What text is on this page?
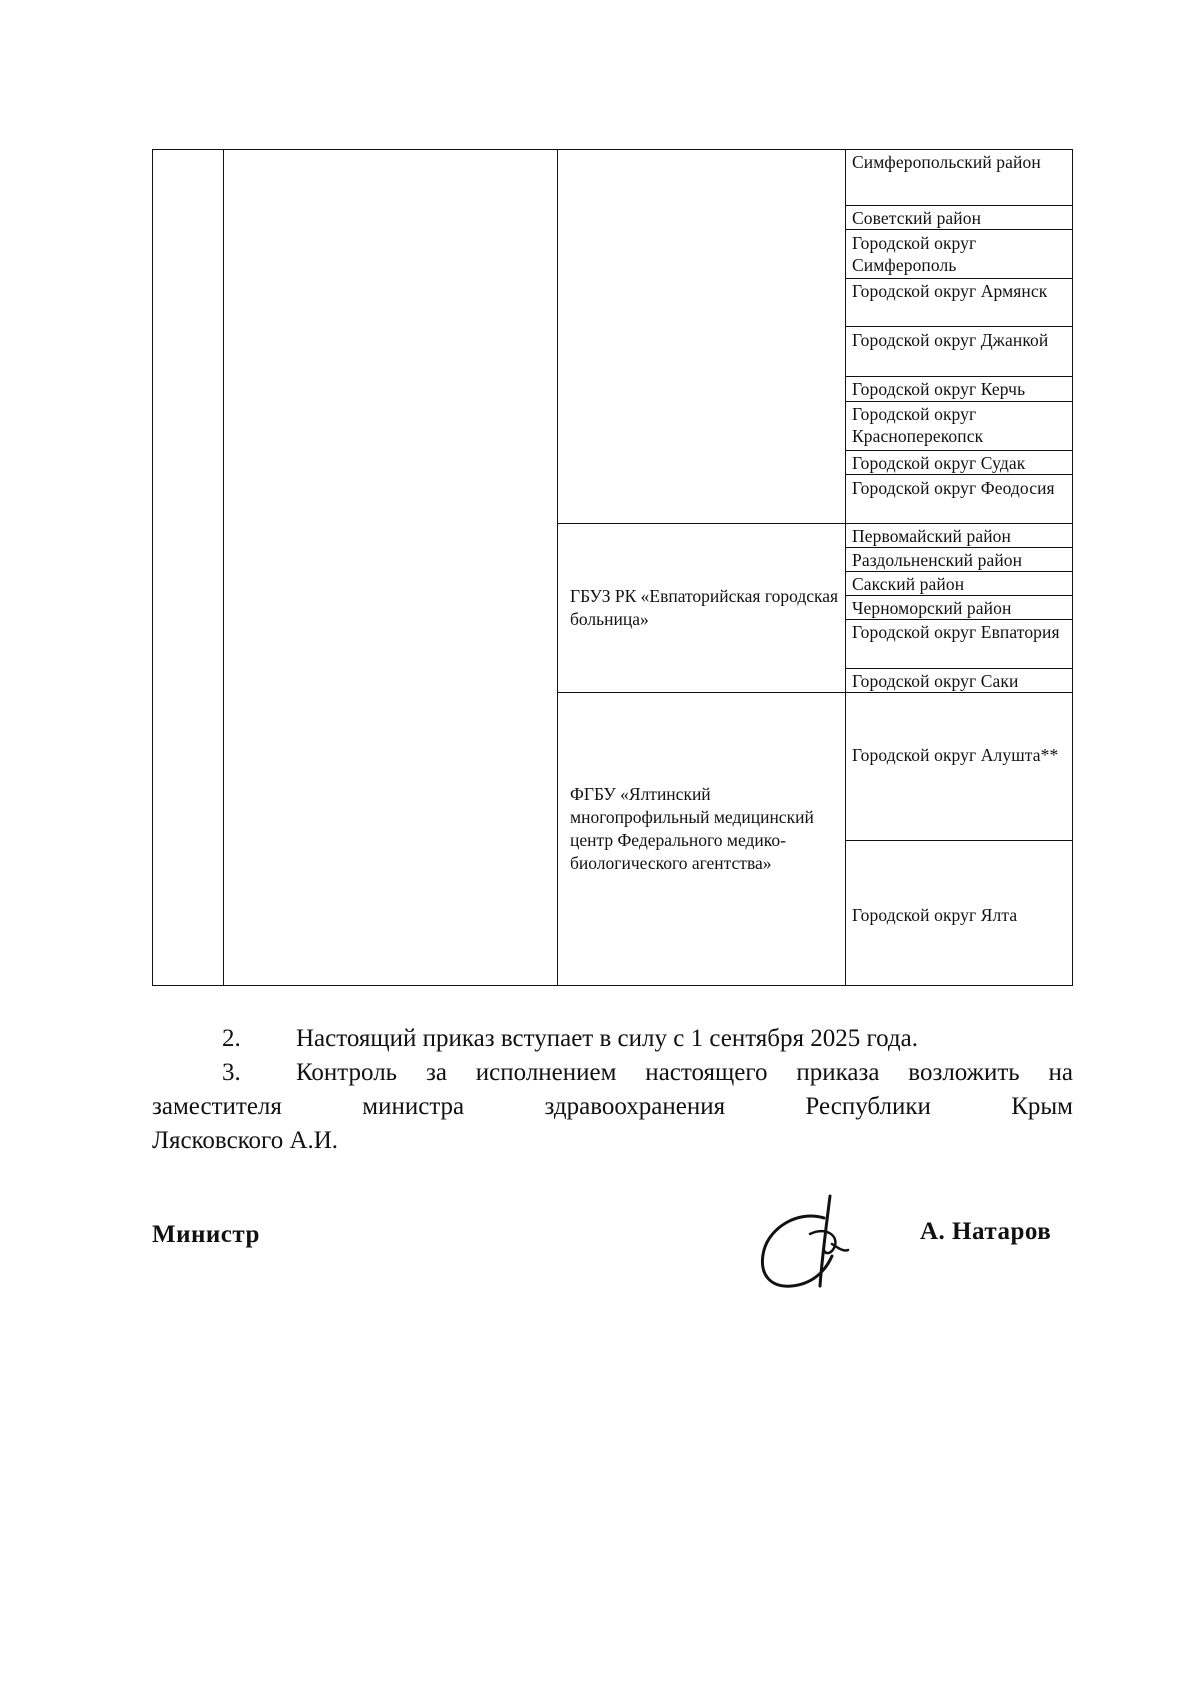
Симферопольский район
Советский район
Городской округ Симферополь
Городской округ Армянск
Городской округ Джанкой
Городской округ Керчь
Городской округ Красноперекопск
Городской округ Судак
Городской округ Феодосия
Первомайский район
Раздольненский район
Сакский район
Черноморский район
Городской округ Евпатория
Городской округ Саки
Городской округ Алушта**
Городской округ Ялта
ГБУЗ РК «Евпаторийская городская больница»
ФГБУ «Ялтинский многопрофильный медицинский центр Федерального медико-биологического агентства»
2. Настоящий приказ вступает в силу с 1 сентября 2025 года.
3. Контроль за исполнением настоящего приказа возложить на
заместителя министра здравоохранения Республики Крым
Лясковского А.И.
Министр	А. Натаров
